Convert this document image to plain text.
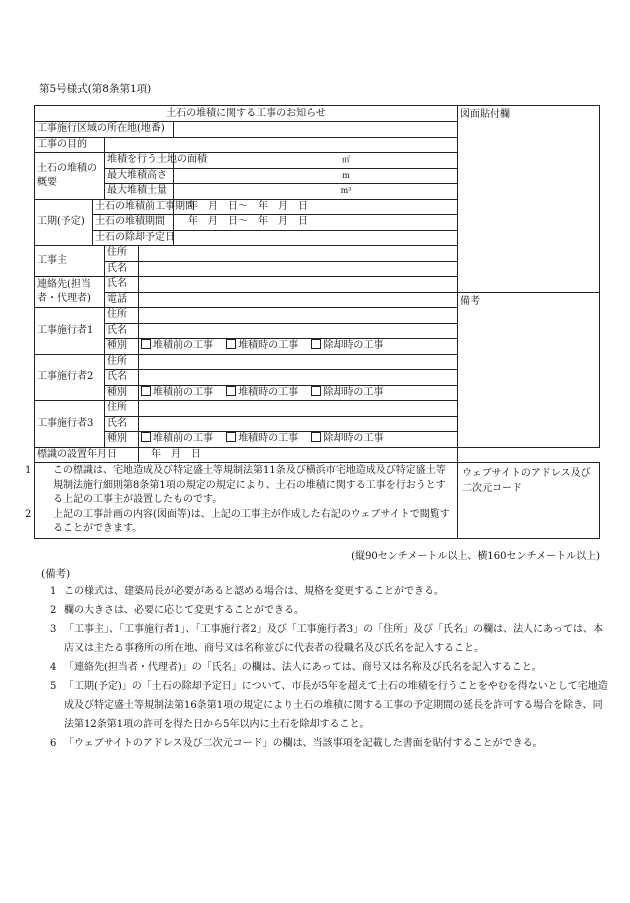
第5号様式(第8条第1項)
土石の堆積に関する工事のお知らせ					図面貼付欄
工事施行区域の所在地(地番)					
工事の目的					
土石の堆積の概要		堆積を行う土地の面積		㎡	
		最大堆積高さ		m	
		最大堆積土量		m³	
工期(予定)	土石の堆積前工事期間			年　月　日～　年　月　日	
	土石の堆積期間			年　月　日～　年　月　日	
	土石の除却予定日				
工事主		住所			
		氏名			
連絡先(担当者・代理者)		氏名			
		電話			備考
工事施行者1		住所			
		氏名			
		種別	堆積前の工事 堆積時の工事 除却時の工事		
工事施行者2		住所			
		氏名			
		種別	堆積前の工事 堆積時の工事 除却時の工事		
工事施行者3		住所			
		氏名			
		種別	堆積前の工事 堆積時の工事 除却時の工事		
標識の設置年月日			年　月　日		

1 この標識は、宅地造成及び特定盛土等規制法第11条及び横浜市宅地造成及び特定盛土等規制法施行細則第8条第1項の規定の規定により、土石の堆積に関する工事を行おうとする上記の工事主が設置したものです。
2 上記の工事計画の内容(図面等)は、上記の工事主が作成した右記のウェブサイトで閲覧することができます。					ウェブサイトのアドレス及び二次元コード
(縦90センチメートル以上、横160センチメートル以上)
(備考)
1 この様式は、建築局長が必要があると認める場合は、規格を変更することができる。
2 欄の大きさは、必要に応じて変更することができる。
3 「工事主」、「工事施行者1」、「工事施行者2」及び「工事施行者3」の「住所」及び「氏名」の欄は、法人にあっては、本店又は主たる事務所の所在地、商号又は名称並びに代表者の役職名及び氏名を記入すること。
4 「連絡先(担当者・代理者)」の「氏名」の欄は、法人にあっては、商号又は名称及び氏名を記入すること。
5 「工期(予定)」の「土石の除却予定日」について、市長が5年を超えて土石の堆積を行うことをやむを得ないとして宅地造成及び特定盛土等規制法第16条第1項の規定により土石の堆積に関する工事の予定期間の延長を許可する場合を除き、同法第12条第1項の許可を得た日から5年以内に土石を除却すること。
6 「ウェブサイトのアドレス及び二次元コード」の欄は、当該事項を記載した書面を貼付することができる。
